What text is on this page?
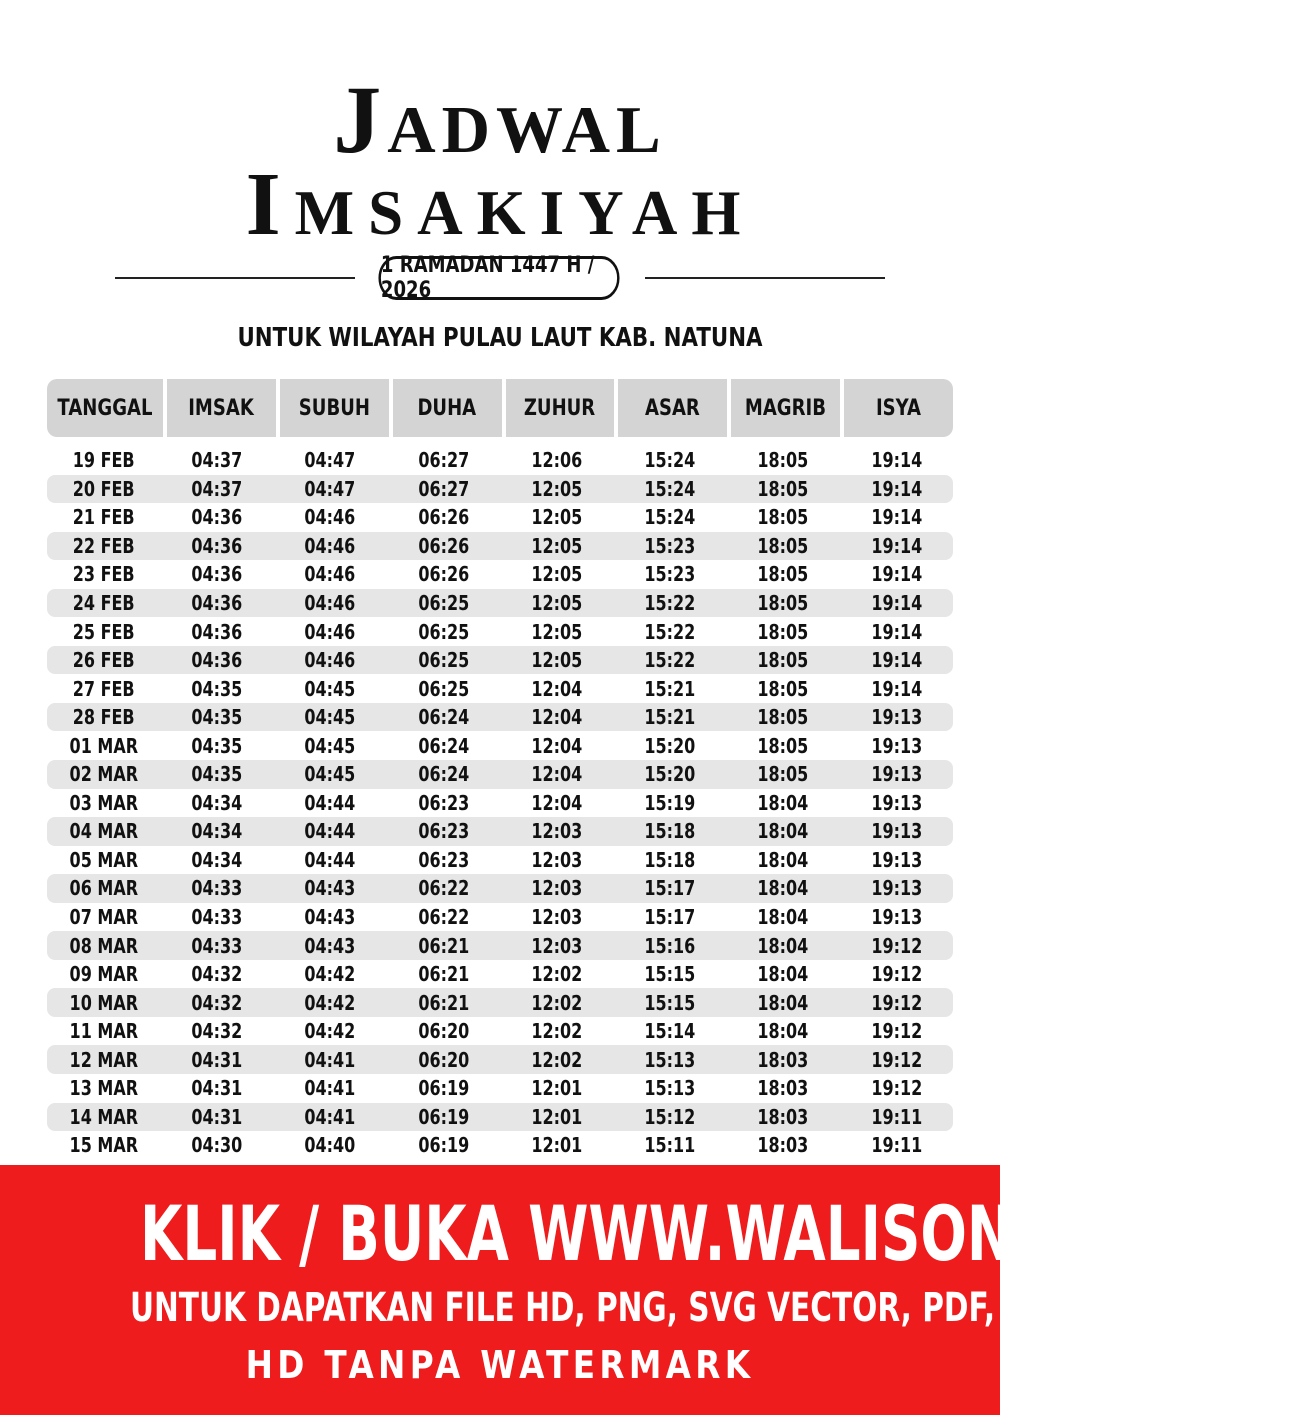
Jadwal
Imsakiyah
1 RAMADAN 1447 H / 2026
UNTUK WILAYAH PULAU LAUT KAB. NATUNA
TANGGAL IMSAK SUBUH DUHA ZUHUR ASAR MAGRIB ISYA
19 FEB	04:37	04:47	06:27	12:06	15:24	18:05	19:14
20 FEB	04:37	04:47	06:27	12:05	15:24	18:05	19:14
21 FEB	04:36	04:46	06:26	12:05	15:24	18:05	19:14
22 FEB	04:36	04:46	06:26	12:05	15:23	18:05	19:14
23 FEB	04:36	04:46	06:26	12:05	15:23	18:05	19:14
24 FEB	04:36	04:46	06:25	12:05	15:22	18:05	19:14
25 FEB	04:36	04:46	06:25	12:05	15:22	18:05	19:14
26 FEB	04:36	04:46	06:25	12:05	15:22	18:05	19:14
27 FEB	04:35	04:45	06:25	12:04	15:21	18:05	19:14
28 FEB	04:35	04:45	06:24	12:04	15:21	18:05	19:13
01 MAR	04:35	04:45	06:24	12:04	15:20	18:05	19:13
02 MAR	04:35	04:45	06:24	12:04	15:20	18:05	19:13
03 MAR	04:34	04:44	06:23	12:04	15:19	18:04	19:13
04 MAR	04:34	04:44	06:23	12:03	15:18	18:04	19:13
05 MAR	04:34	04:44	06:23	12:03	15:18	18:04	19:13
06 MAR	04:33	04:43	06:22	12:03	15:17	18:04	19:13
07 MAR	04:33	04:43	06:22	12:03	15:17	18:04	19:13
08 MAR	04:33	04:43	06:21	12:03	15:16	18:04	19:12
09 MAR	04:32	04:42	06:21	12:02	15:15	18:04	19:12
10 MAR	04:32	04:42	06:21	12:02	15:15	18:04	19:12
11 MAR	04:32	04:42	06:20	12:02	15:14	18:04	19:12
12 MAR	04:31	04:41	06:20	12:02	15:13	18:03	19:12
13 MAR	04:31	04:41	06:19	12:01	15:13	18:03	19:12
14 MAR	04:31	04:41	06:19	12:01	15:12	18:03	19:11
15 MAR	04:30	04:40	06:19	12:01	15:11	18:03	19:11
KLIK / BUKA WWW.WALISONGO.CO.ID
UNTUK DAPATKAN FILE HD, PNG, SVG VECTOR, PDF, WORD, EXCEL
HD TANPA WATERMARK
